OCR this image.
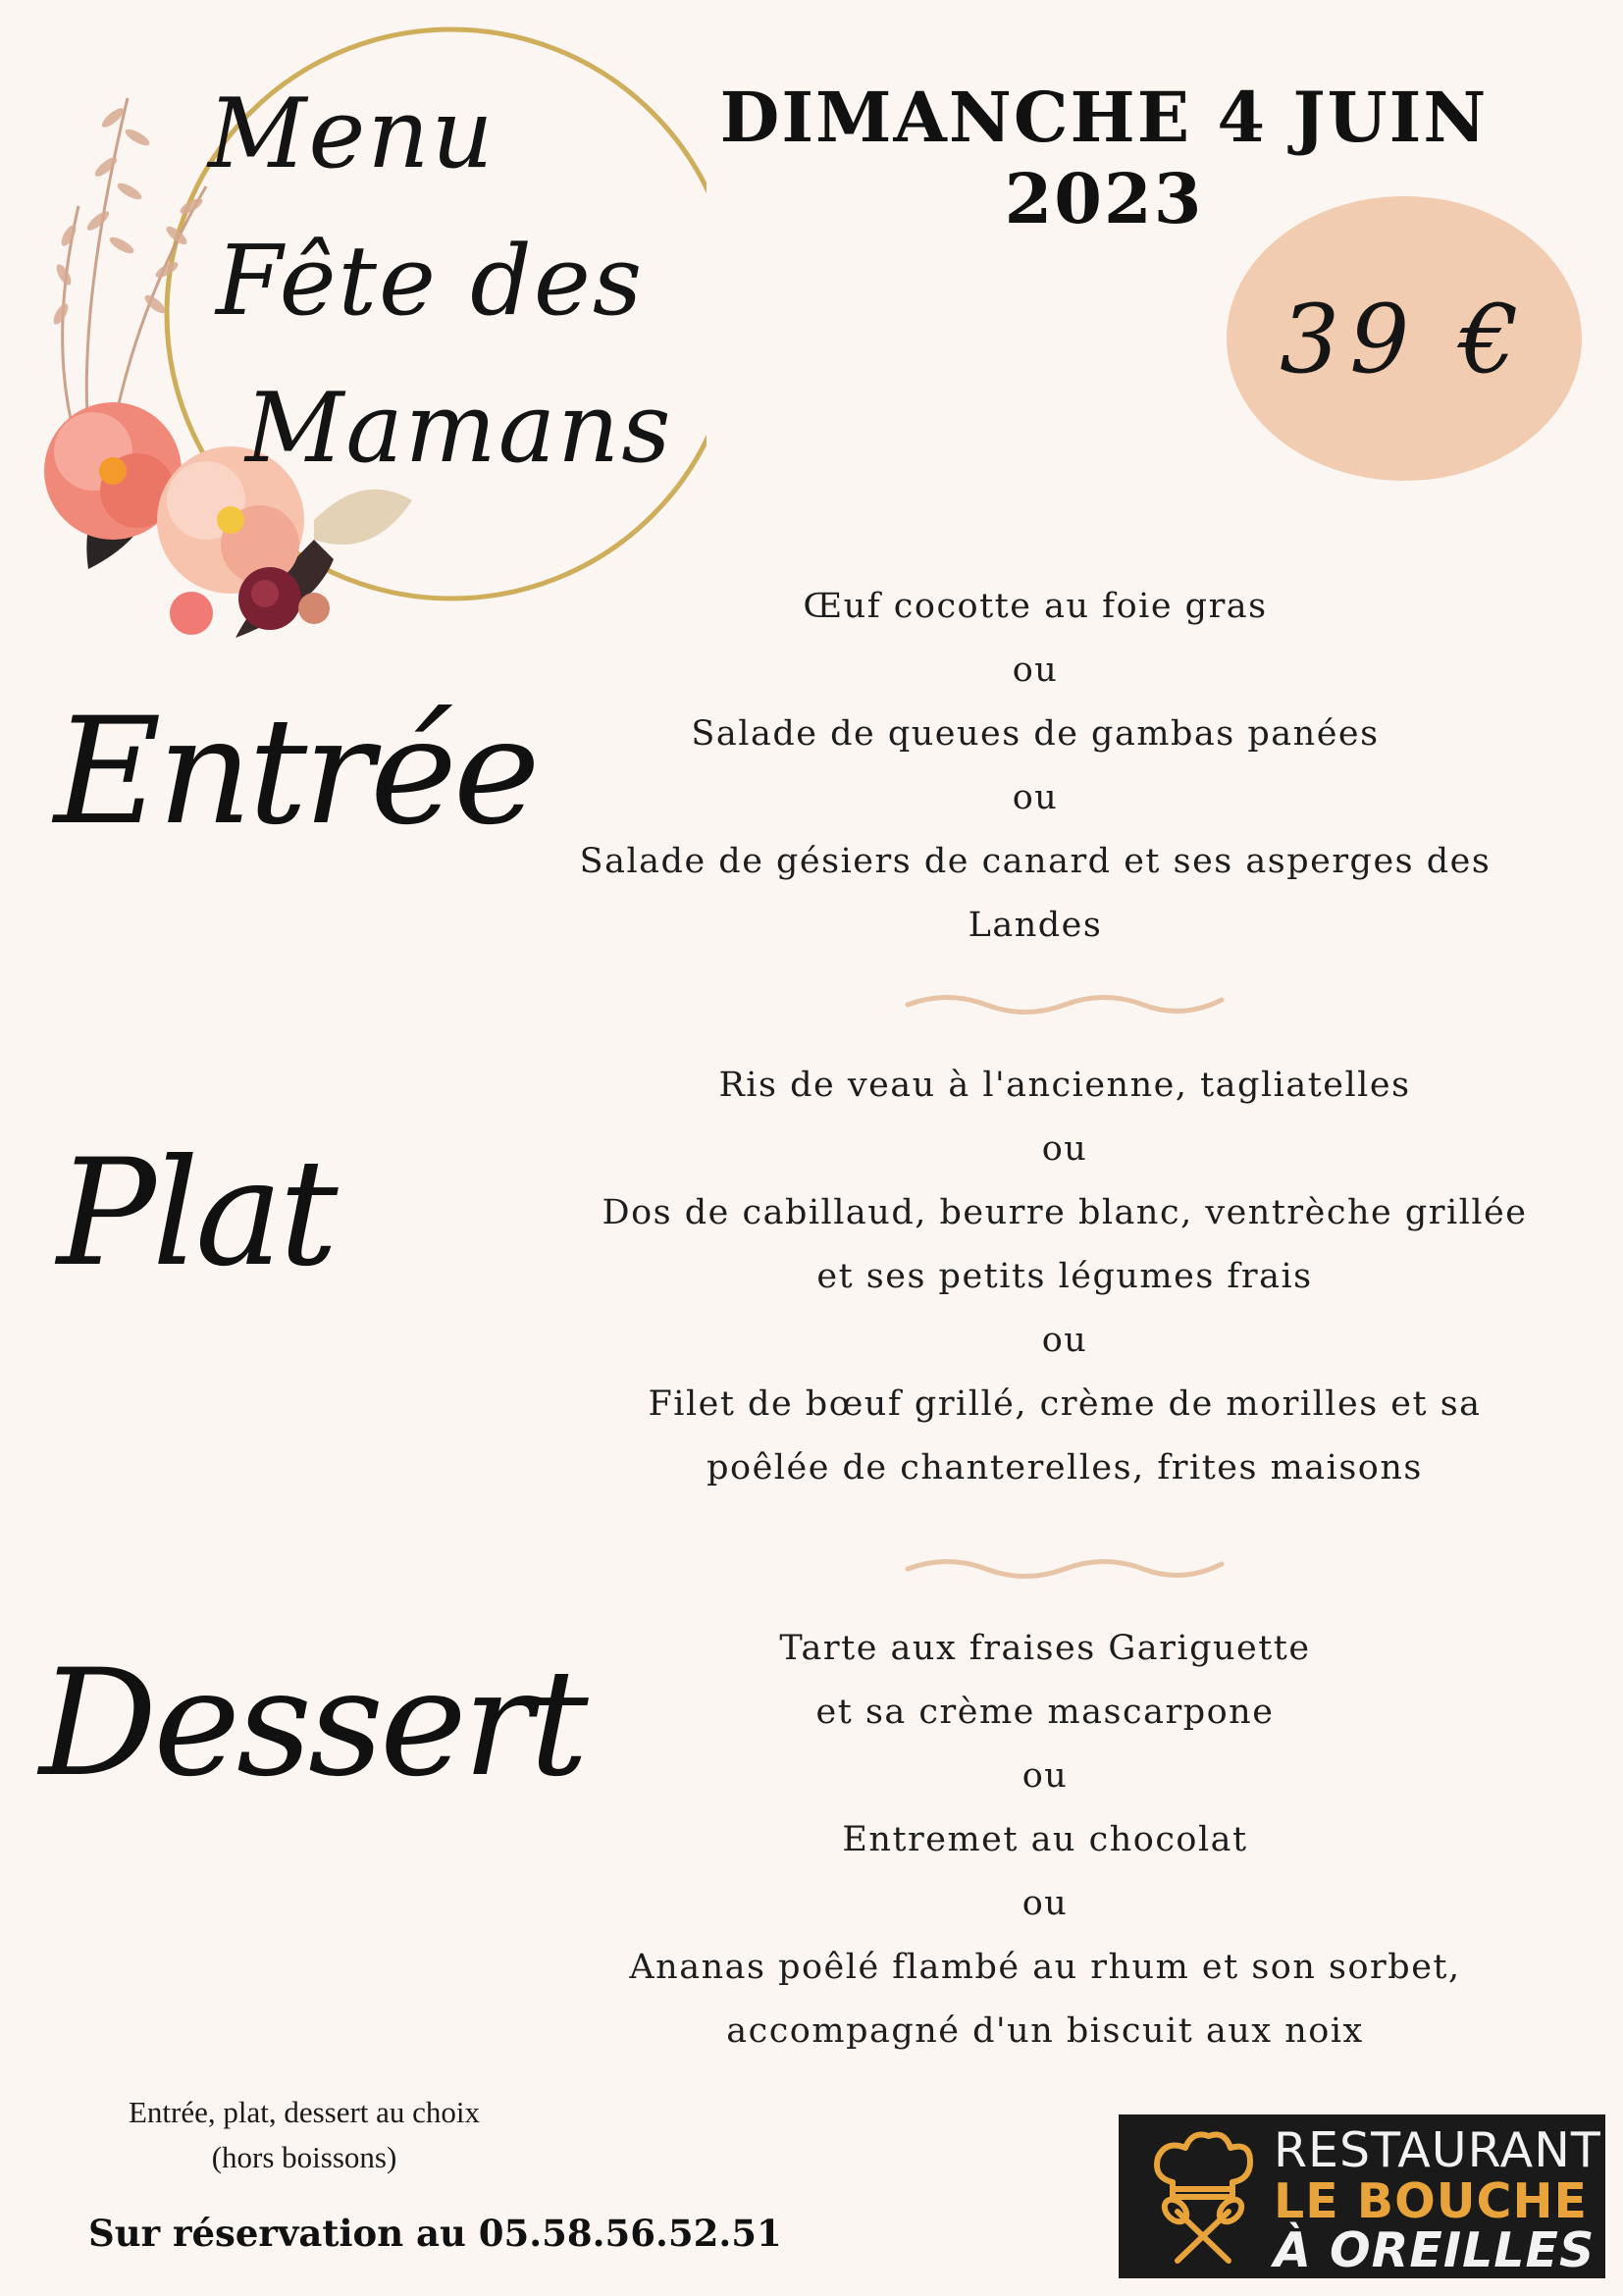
Menu
Fête des
Mamans
DIMANCHE 4 JUIN 2023
39 €
Entrée
Plat
Dessert
Œuf cocotte au foie gras
ou
Salade de queues de gambas panées
ou
Salade de gésiers de canard et ses asperges des
Landes
Ris de veau à l'ancienne, tagliatelles
ou
Dos de cabillaud, beurre blanc, ventrèche grillée
et ses petits légumes frais
ou
Filet de bœuf grillé, crème de morilles et sa
poêlée de chanterelles, frites maisons
Tarte aux fraises Gariguette
et sa crème mascarpone
ou
Entremet au chocolat
ou
Ananas poêlé flambé au rhum et son sorbet,
accompagné d'un biscuit aux noix
Entrée, plat, dessert au choix
(hors boissons)
Sur réservation au 05.58.56.52.51
RESTAURANT
LE BOUCHE
À OREILLES
